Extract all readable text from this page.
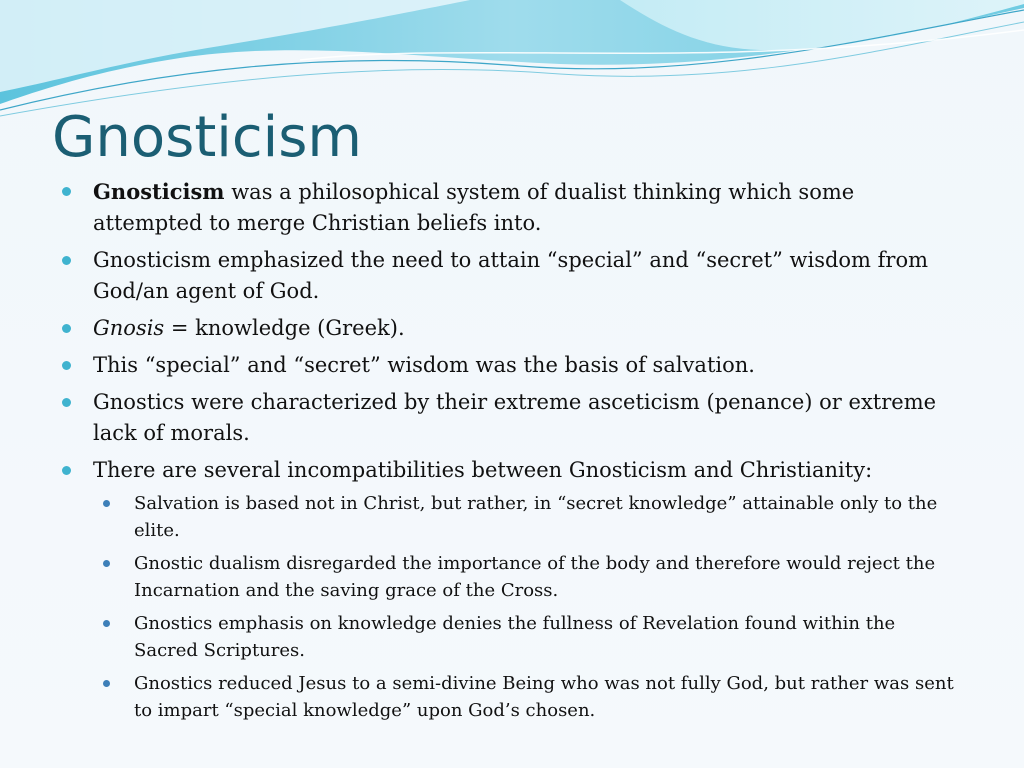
Gnosticism
Gnosticism was a philosophical system of dualist thinking which some attempted to merge Christian beliefs into.
Gnosticism emphasized the need to attain “special” and “secret” wisdom from God/an agent of God.
Gnosis = knowledge (Greek).
This “special” and “secret” wisdom was the basis of salvation.
Gnostics were characterized by their extreme asceticism (penance) or extreme lack of morals.
There are several incompatibilities between Gnosticism and Christianity:
Salvation is based not in Christ, but rather, in “secret knowledge” attainable only to the elite.
Gnostic dualism disregarded the importance of the body and therefore would reject the Incarnation and the saving grace of the Cross.
Gnostics emphasis on knowledge denies the fullness of Revelation found within the Sacred Scriptures.
Gnostics reduced Jesus to a semi-divine Being who was not fully God, but rather was sent to impart “special knowledge” upon God’s chosen.
